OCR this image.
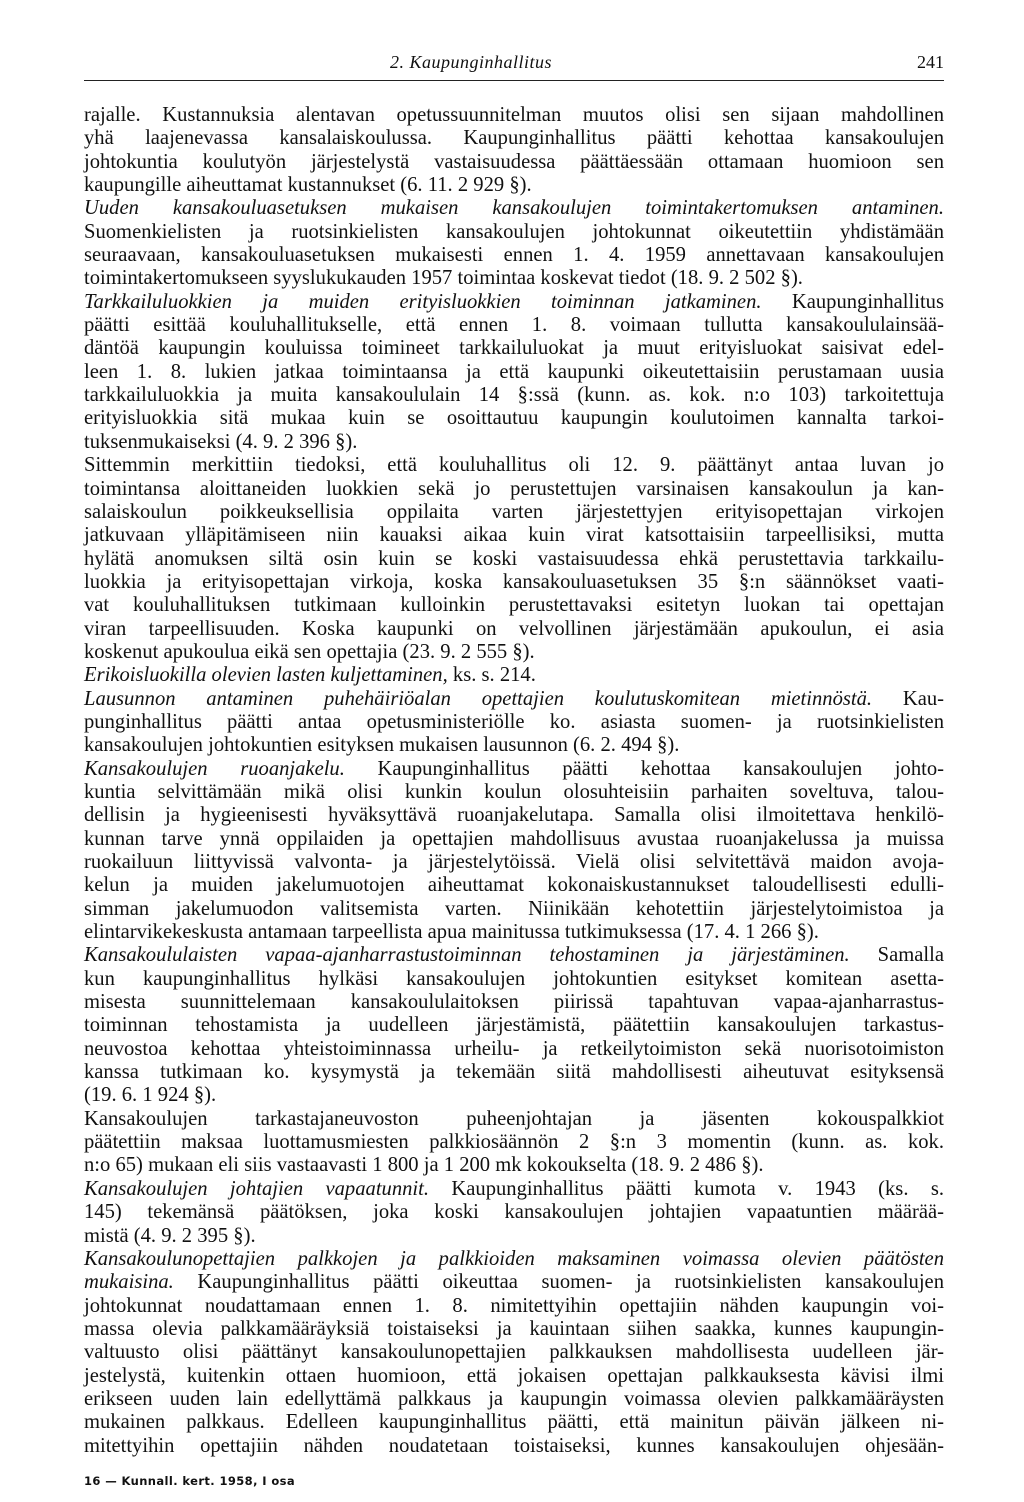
2. Kaupunginhallitus	241
rajalle. Kustannuksia alentavan opetussuunnitelman muutos olisi sen sijaan mahdollinen
yhä laajenevassa kansalaiskoulussa. Kaupunginhallitus päätti kehottaa kansakoulujen
johtokuntia koulutyön järjestelystä vastaisuudessa päättäessään ottamaan huomioon sen
kaupungille aiheuttamat kustannukset (6. 11. 2 929 §).
Uuden kansakouluasetuksen mukaisen kansakoulujen toimintakertomuksen antaminen.
Suomenkielisten ja ruotsinkielisten kansakoulujen johtokunnat oikeutettiin yhdistämään
seuraavaan, kansakouluasetuksen mukaisesti ennen 1. 4. 1959 annettavaan kansakoulujen
toimintakertomukseen syyslukukauden 1957 toimintaa koskevat tiedot (18. 9. 2 502 §).
Tarkkailuluokkien ja muiden erityisluokkien toiminnan jatkaminen. Kaupunginhallitus
päätti esittää kouluhallitukselle, että ennen 1. 8. voimaan tullutta kansakoululainsää-
däntöä kaupungin kouluissa toimineet tarkkailuluokat ja muut erityisluokat saisivat edel-
leen 1. 8. lukien jatkaa toimintaansa ja että kaupunki oikeutettaisiin perustamaan uusia
tarkkailuluokkia ja muita kansakoululain 14 §:ssä (kunn. as. kok. n:o 103) tarkoitettuja
erityisluokkia sitä mukaa kuin se osoittautuu kaupungin koulutoimen kannalta tarkoi-
tuksenmukaiseksi (4. 9. 2 396 §).
Sittemmin merkittiin tiedoksi, että kouluhallitus oli 12. 9. päättänyt antaa luvan jo
toimintansa aloittaneiden luokkien sekä jo perustettujen varsinaisen kansakoulun ja kan-
salaiskoulun poikkeuksellisia oppilaita varten järjestettyjen erityisopettajan virkojen
jatkuvaan ylläpitämiseen niin kauaksi aikaa kuin virat katsottaisiin tarpeellisiksi, mutta
hylätä anomuksen siltä osin kuin se koski vastaisuudessa ehkä perustettavia tarkkailu-
luokkia ja erityisopettajan virkoja, koska kansakouluasetuksen 35 §:n säännökset vaati-
vat kouluhallituksen tutkimaan kulloinkin perustettavaksi esitetyn luokan tai opettajan
viran tarpeellisuuden. Koska kaupunki on velvollinen järjestämään apukoulun, ei asia
koskenut apukoulua eikä sen opettajia (23. 9. 2 555 §).
Erikoisluokilla olevien lasten kuljettaminen, ks. s. 214.
Lausunnon antaminen puhehäiriöalan opettajien koulutuskomitean mietinnöstä. Kau-
punginhallitus päätti antaa opetusministeriölle ko. asiasta suomen- ja ruotsinkielisten
kansakoulujen johtokuntien esityksen mukaisen lausunnon (6. 2. 494 §).
Kansakoulujen ruoanjakelu. Kaupunginhallitus päätti kehottaa kansakoulujen johto-
kuntia selvittämään mikä olisi kunkin koulun olosuhteisiin parhaiten soveltuva, talou-
dellisin ja hygieenisesti hyväksyttävä ruoanjakelutapa. Samalla olisi ilmoitettava henkilö-
kunnan tarve ynnä oppilaiden ja opettajien mahdollisuus avustaa ruoanjakelussa ja muissa
ruokailuun liittyvissä valvonta- ja järjestelytöissä. Vielä olisi selvitettävä maidon avoja-
kelun ja muiden jakelumuotojen aiheuttamat kokonaiskustannukset taloudellisesti edulli-
simman jakelumuodon valitsemista varten. Niinikään kehotettiin järjestelytoimistoa ja
elintarvikekeskusta antamaan tarpeellista apua mainitussa tutkimuksessa (17. 4. 1 266 §).
Kansakoululaisten vapaa-ajanharrastustoiminnan tehostaminen ja järjestäminen. Samalla
kun kaupunginhallitus hylkäsi kansakoulujen johtokuntien esitykset komitean asetta-
misesta suunnittelemaan kansakoululaitoksen piirissä tapahtuvan vapaa-ajanharrastus-
toiminnan tehostamista ja uudelleen järjestämistä, päätettiin kansakoulujen tarkastus-
neuvostoa kehottaa yhteistoiminnassa urheilu- ja retkeilytoimiston sekä nuorisotoimiston
kanssa tutkimaan ko. kysymystä ja tekemään siitä mahdollisesti aiheutuvat esityksensä
(19. 6. 1 924 §).
Kansakoulujen tarkastajaneuvoston puheenjohtajan ja jäsenten kokouspalkkiot
päätettiin maksaa luottamusmiesten palkkiosäännön 2 §:n 3 momentin (kunn. as. kok.
n:o 65) mukaan eli siis vastaavasti 1 800 ja 1 200 mk kokoukselta (18. 9. 2 486 §).
Kansakoulujen johtajien vapaatunnit. Kaupunginhallitus päätti kumota v. 1943 (ks. s.
145) tekemänsä päätöksen, joka koski kansakoulujen johtajien vapaatuntien määrää-
mistä (4. 9. 2 395 §).
Kansakoulunopettajien palkkojen ja palkkioiden maksaminen voimassa olevien päätösten
mukaisina. Kaupunginhallitus päätti oikeuttaa suomen- ja ruotsinkielisten kansakoulujen
johtokunnat noudattamaan ennen 1. 8. nimitettyihin opettajiin nähden kaupungin voi-
massa olevia palkkamääräyksiä toistaiseksi ja kauintaan siihen saakka, kunnes kaupungin-
valtuusto olisi päättänyt kansakoulunopettajien palkkauksen mahdollisesta uudelleen jär-
jestelystä, kuitenkin ottaen huomioon, että jokaisen opettajan palkkauksesta kävisi ilmi
erikseen uuden lain edellyttämä palkkaus ja kaupungin voimassa olevien palkkamääräysten
mukainen palkkaus. Edelleen kaupunginhallitus päätti, että mainitun päivän jälkeen ni-
mitettyihin opettajiin nähden noudatetaan toistaiseksi, kunnes kansakoulujen ohjesään-
16 — Kunnall. kert. 1958, I osa
